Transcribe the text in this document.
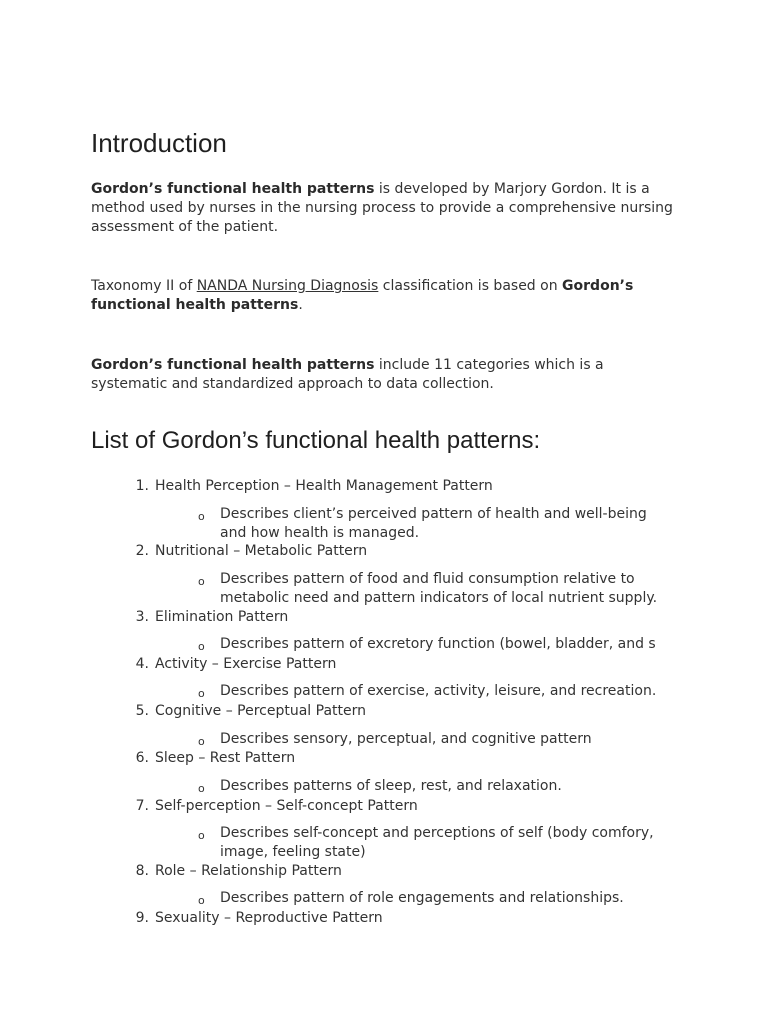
Introduction

Gordon’s functional health patterns is developed by Marjory Gordon. It is a method used by nurses in the nursing process to provide a comprehensive nursing assessment of the patient.

Taxonomy II of NANDA Nursing Diagnosis classification is based on Gordon’s functional health patterns.

Gordon’s functional health patterns include 11 categories which is a systematic and standardized approach to data collection.

List of Gordon’s functional health patterns:
1. Health Perception – Health Management Pattern
o Describes client’s perceived pattern of health and well-being and how health is managed.
2. Nutritional – Metabolic Pattern
o Describes pattern of food and fluid consumption relative to metabolic need and pattern indicators of local nutrient supply.
3. Elimination Pattern
o Describes pattern of excretory function (bowel, bladder, and s
4. Activity – Exercise Pattern
o Describes pattern of exercise, activity, leisure, and recreation.
5. Cognitive – Perceptual Pattern
o Describes sensory, perceptual, and cognitive pattern
6. Sleep – Rest Pattern
o Describes patterns of sleep, rest, and relaxation.
7. Self-perception – Self-concept Pattern
o Describes self-concept and perceptions of self (body comfory, image, feeling state)
8. Role – Relationship Pattern
o Describes pattern of role engagements and relationships.
9. Sexuality – Reproductive Pattern
